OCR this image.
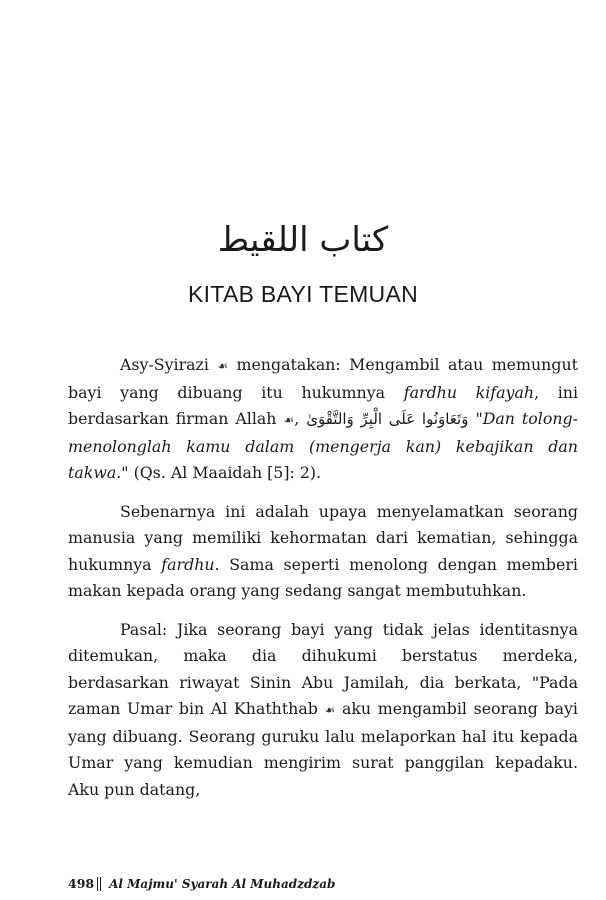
كتاب اللقيط
KITAB BAYI TEMUAN

Asy-Syirazi ☙ mengatakan: Mengambil atau memungut bayi yang dibuang itu hukumnya fardhu kifayah, ini berdasarkan firman Allah ☙, وَتَعَاوَنُوا عَلَى الْبِرِّ وَالتَّقْوَىٰ "Dan tolong-menolonglah kamu dalam (mengerja kan) kebajikan dan takwa." (Qs. Al Maaidah [5]: 2).

Sebenarnya ini adalah upaya menyelamatkan seorang manusia yang memiliki kehormatan dari kematian, sehingga hukumnya fardhu. Sama seperti menolong dengan memberi makan kepada orang yang sedang sangat membutuhkan.

Pasal: Jika seorang bayi yang tidak jelas identitasnya ditemukan, maka dia dihukumi berstatus merdeka, berdasarkan riwayat Sinin Abu Jamilah, dia berkata, "Pada zaman Umar bin Al Khaththab ☙ aku mengambil seorang bayi yang dibuang. Seorang guruku lalu melaporkan hal itu kepada Umar yang kemudian mengirim surat panggilan kepadaku. Aku pun datang,

498 Al Majmu' Syarah Al Muhadzdzab
